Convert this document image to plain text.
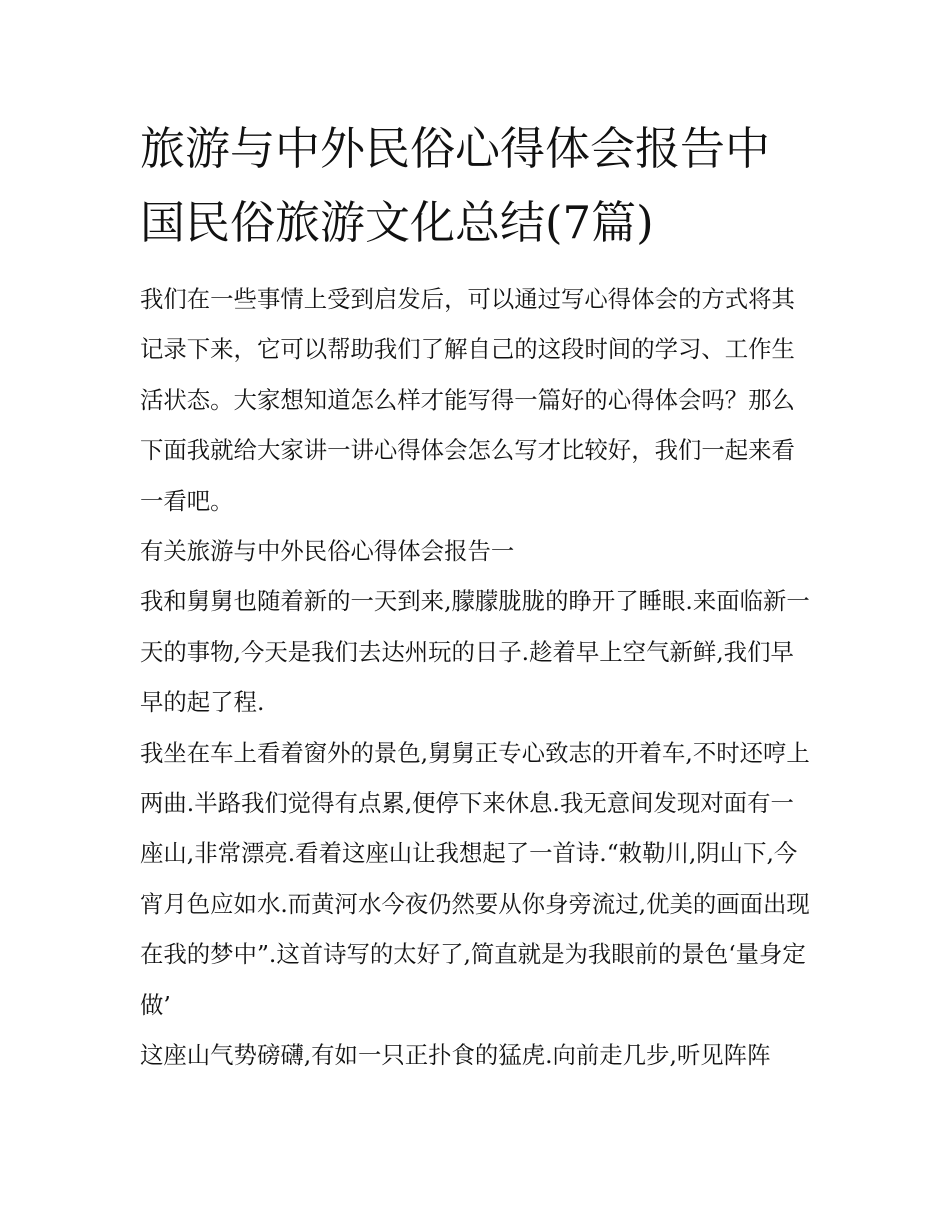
旅游与中外民俗心得体会报告中国民俗旅游文化总结(7篇)

我们在一些事情上受到启发后，可以通过写心得体会的方式将其记录下来，它可以帮助我们了解自己的这段时间的学习、工作生活状态。大家想知道怎么样才能写得一篇好的心得体会吗？那么下面我就给大家讲一讲心得体会怎么写才比较好，我们一起来看一看吧。

有关旅游与中外民俗心得体会报告一

我和舅舅也随着新的一天到来,朦朦胧胧的睁开了睡眼.来面临新一天的事物,今天是我们去达州玩的日子.趁着早上空气新鲜,我们早早的起了程.

我坐在车上看着窗外的景色,舅舅正专心致志的开着车,不时还哼上两曲.半路我们觉得有点累,便停下来休息.我无意间发现对面有一座山,非常漂亮.看着这座山让我想起了一首诗.“敕勒川,阴山下,今宵月色应如水.而黄河水今夜仍然要从你身旁流过,优美的画面出现在我的梦中”.这首诗写的太好了,简直就是为我眼前的景色‘量身定做’

这座山气势磅礴,有如一只正扑食的猛虎.向前走几步,听见阵阵
